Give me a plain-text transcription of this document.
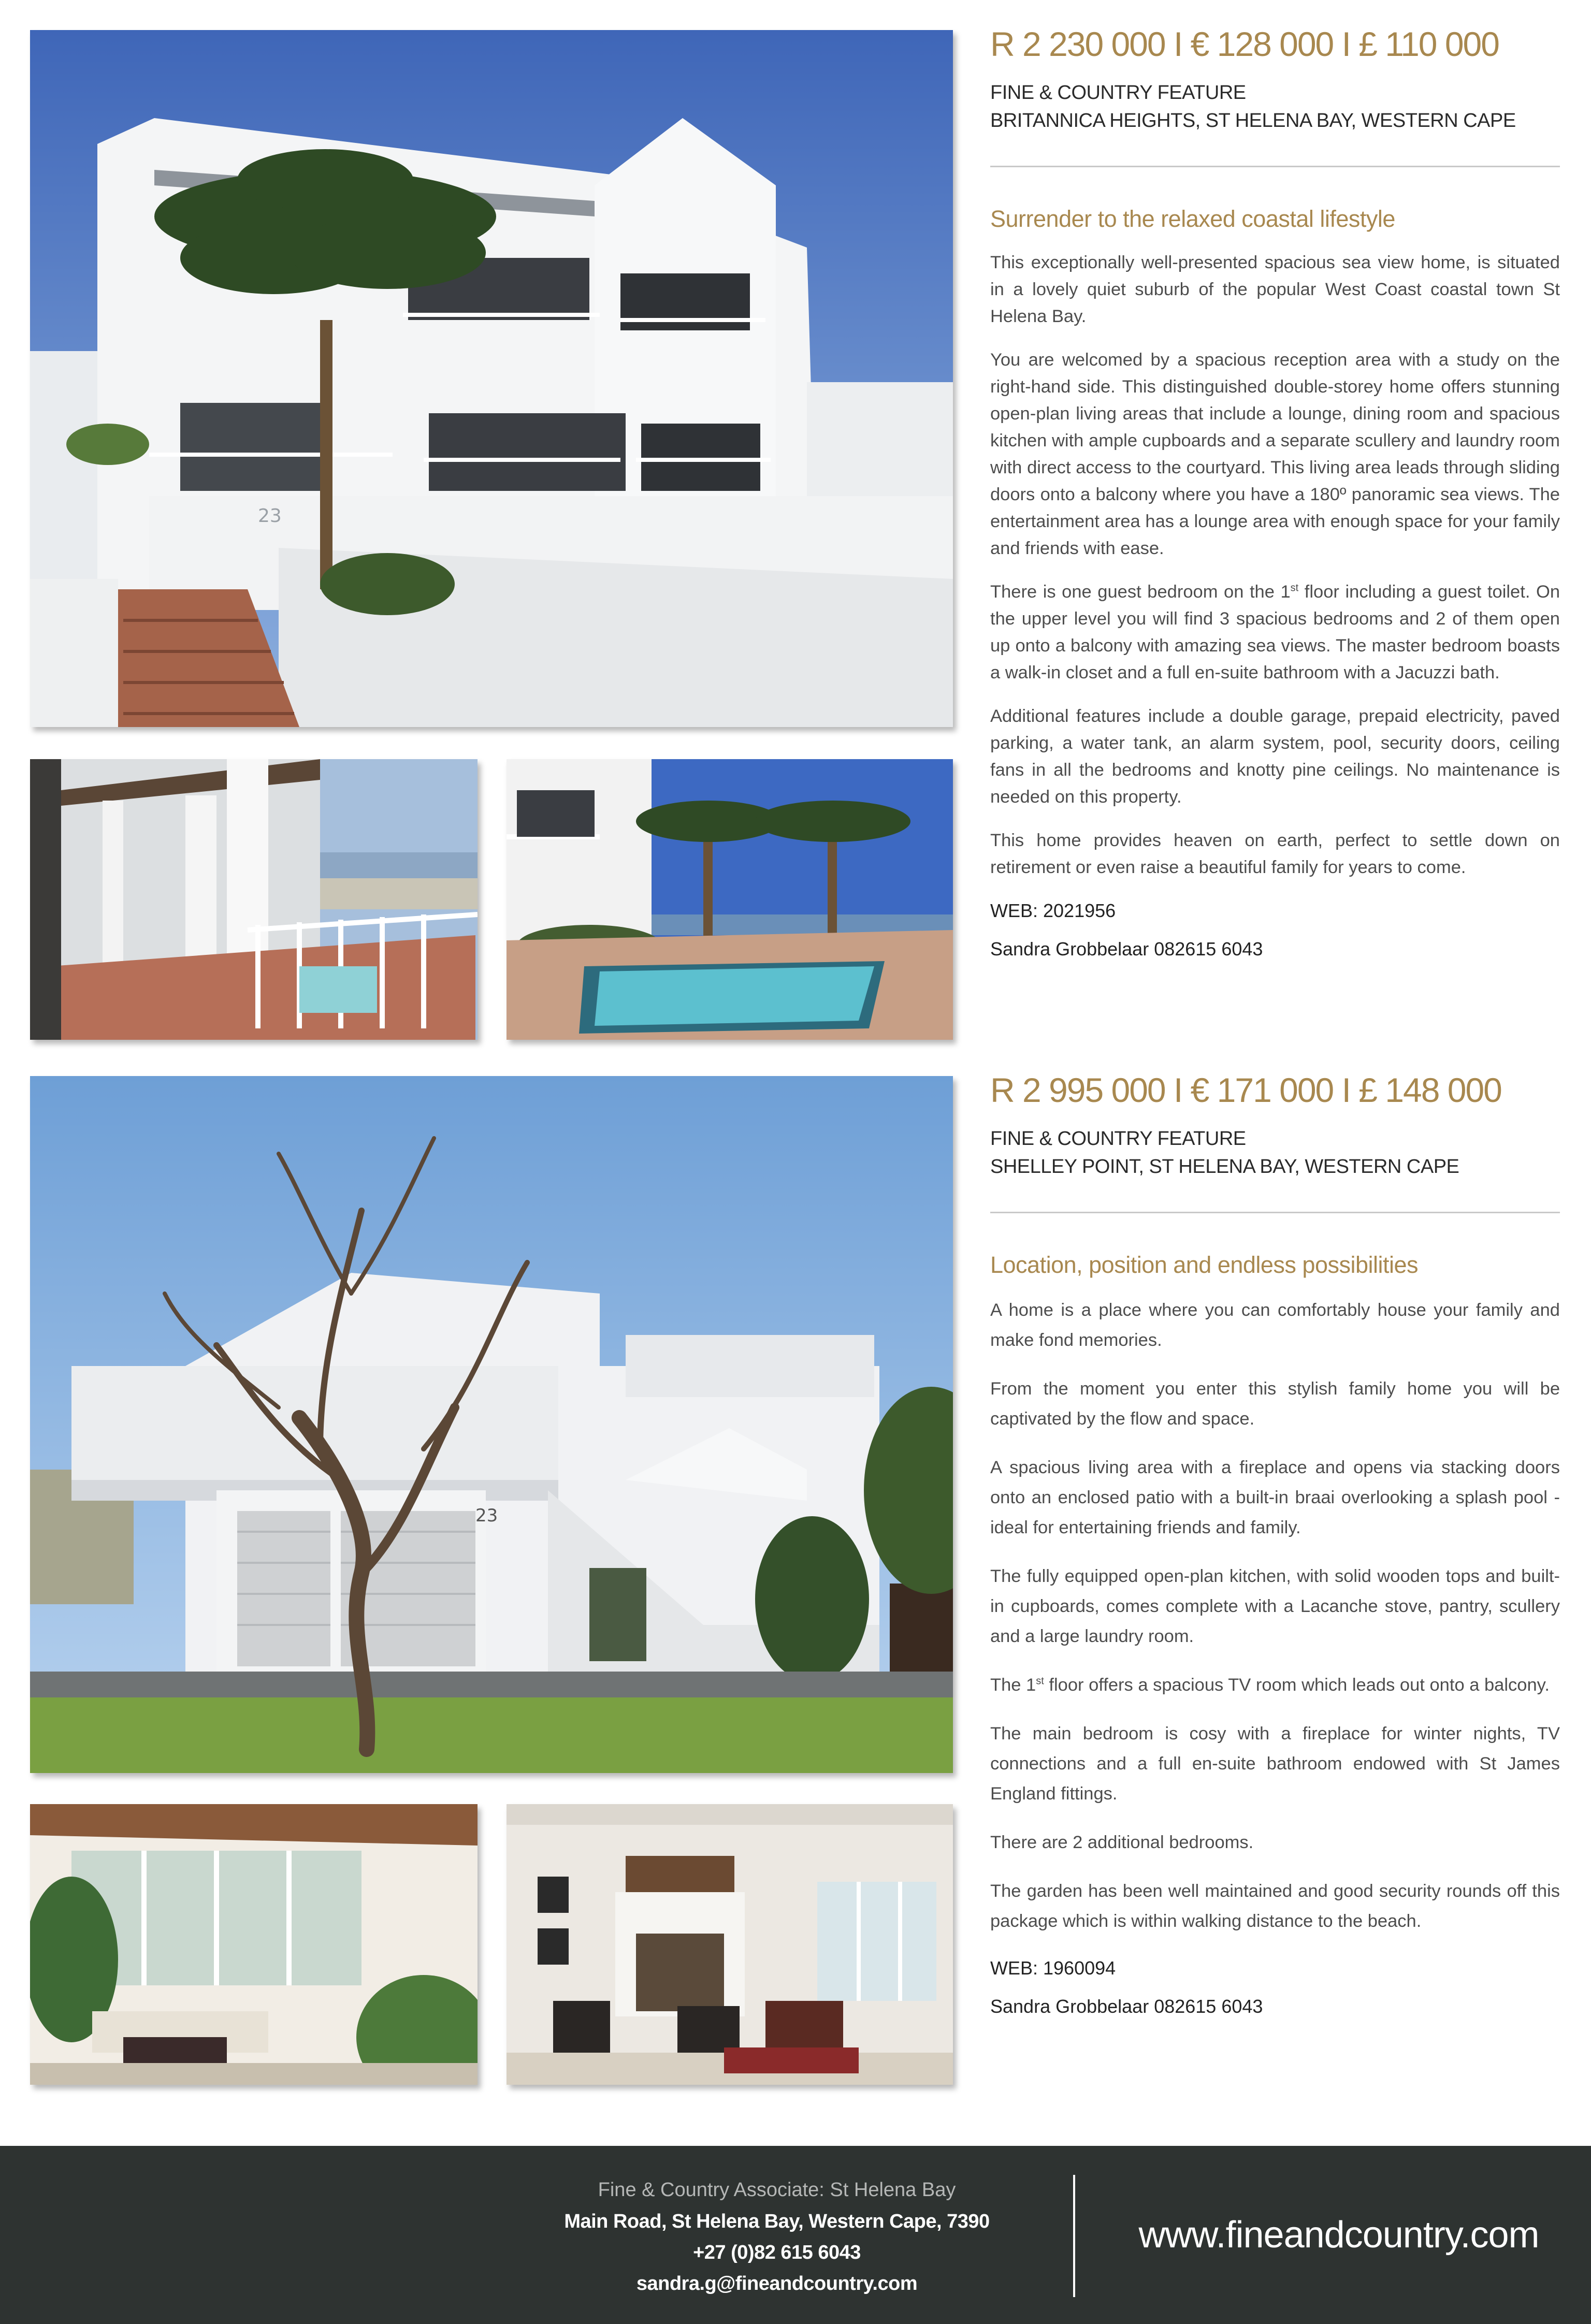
23

R 2 230 000 I € 128 000 I £ 110 000

FINE & COUNTRY FEATURE

BRITANNICA HEIGHTS, ST HELENA BAY, WESTERN CAPE

Surrender to the relaxed coastal lifestyle

This exceptionally well-presented spacious sea view home, is situated in a lovely quiet suburb of the popular West Coast coastal town St Helena Bay.

You are welcomed by a spacious reception area with a study on the right-hand side. This distinguished double-storey home offers stunning open-plan living areas that include a lounge, dining room and spacious kitchen with ample cupboards and a separate scullery and laundry room with direct access to the courtyard. This living area leads through sliding doors onto a balcony where you have a 180º panoramic sea views. The entertainment area has a lounge area with enough space for your family and friends with ease.

There is one guest bedroom on the 1st floor including a guest toilet. On the upper level you will find 3 spacious bedrooms and 2 of them open up onto a balcony with amazing sea views. The master bedroom boasts a walk-in closet and a full en-suite bathroom with a Jacuzzi bath.

Additional features include a double garage, prepaid electricity, paved parking, a water tank, an alarm system, pool, security doors, ceiling fans in all the bedrooms and knotty pine ceilings. No maintenance is needed on this property.

This home provides heaven on earth, perfect to settle down on retirement or even raise a beautiful family for years to come.

WEB: 2021956

Sandra Grobbelaar 082615 6043

23

R 2 995 000 I € 171 000 I £ 148 000

FINE & COUNTRY FEATURE

SHELLEY POINT, ST HELENA BAY, WESTERN CAPE

Location, position and endless possibilities

A home is a place where you can comfortably house your family and make fond memories.

From the moment you enter this stylish family home you will be captivated by the flow and space.

A spacious living area with a fireplace and opens via stacking doors onto an enclosed patio with a built-in braai overlooking a splash pool - ideal for entertaining friends and family.

The fully equipped open-plan kitchen, with solid wooden tops and built-in cupboards, comes complete with a Lacanche stove, pantry, scullery and a large laundry room.

The 1st floor offers a spacious TV room which leads out onto a balcony.

The main bedroom is cosy with a fireplace for winter nights, TV connections and a full en-suite bathroom endowed with St James England fittings.

There are 2 additional bedrooms.

The garden has been well maintained and good security rounds off this package which is within walking distance to the beach.

WEB: 1960094

Sandra Grobbelaar 082615 6043

Fine & Country Associate: St Helena Bay

Main Road, St Helena Bay, Western Cape, 7390

+27 (0)82 615 6043

sandra.g@fineandcountry.com

www.fineandcountry.com
